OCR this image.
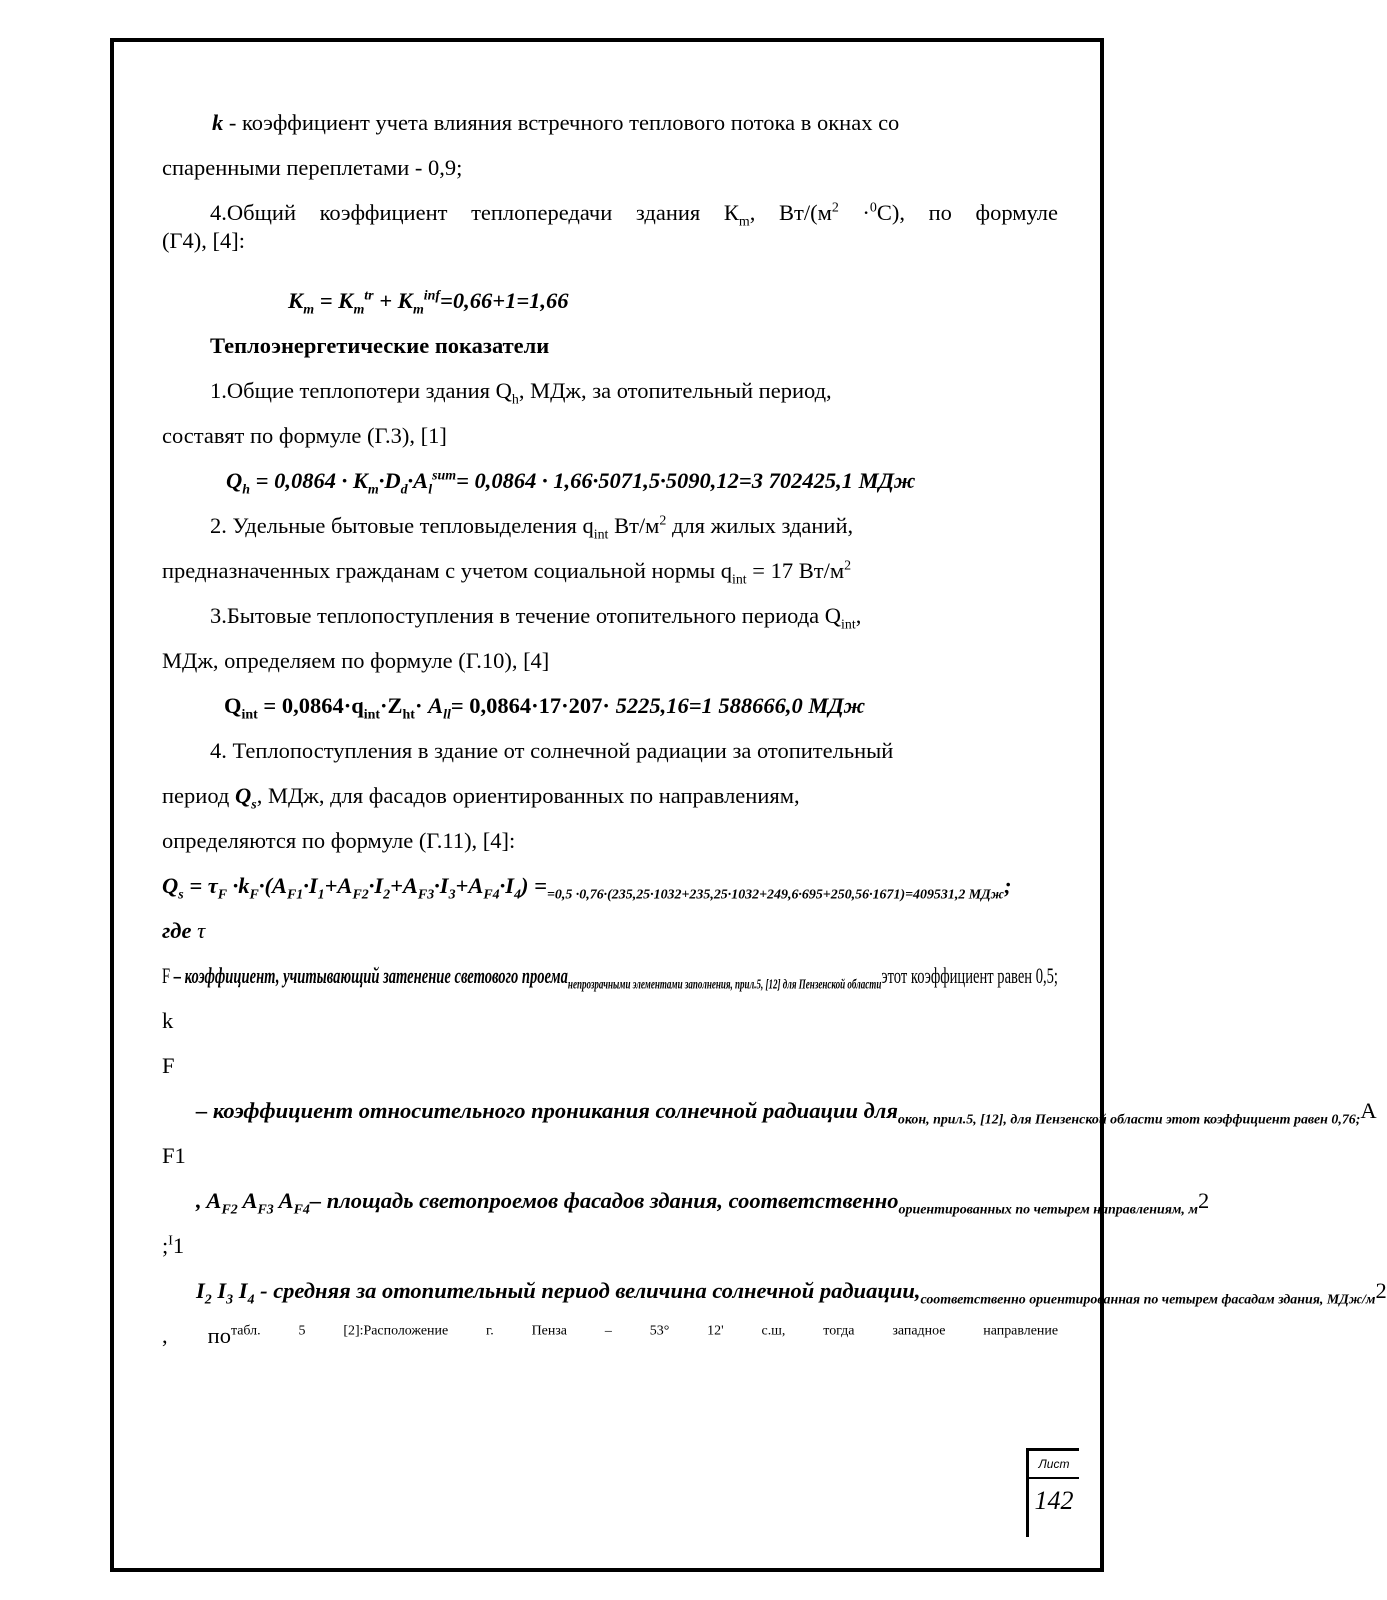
k - коэффициент учета влияния встречного теплового потока в окнах со
спаренными переплетами - 0,9;
4.Общий коэффициент теплопередачи здания $К_m$, $Вт/(м^2 \cdot^0С)$, по формуле
(Г4), [4]:
$К_m = К_m^{tr} + К_m^{inf}=0,66+1=1,66$
Теплоэнергетические показатели
1.Общие теплопотери здания $Q_h$, МДж, за отопительный период,
составят по формуле (Г.3), [1]
$Q_h = 0,0864 \cdot K_m\cdot D_d\cdot A_l^{sum}= 0,0864 \cdot 1,66\cdot 5071,5\cdot 5090,12=3$ 702425,1 МДж
2. Удельные бытовые тепловыделения $q_{int}$ $Вт/м^2$ для жилых зданий,
предназначенных гражданам с учетом социальной нормы $q_{int} = 17$ $Вт/м^2$
3.Бытовые теплопоступления в течение отопительного периода $Q_{int}$,
МДж, определяем по формуле (Г.10), [4]
$Q_{int} = 0,0864\cdot q_{int}\cdot Z_{ht}\cdot A_{ll}= 0,0864\cdot 17\cdot 207\cdot 5225,16=1$ 588666,0 МДж
4. Теплопоступления в здание от солнечной радиации за отопительный
период $Q_s$, МДж, для фасадов ориентированных по направлениям,
определяются по формуле (Г.11), [4]:
$Q_s = \tau_F \cdot k_F\cdot(A_{F1}\cdot I_1+A_{F2}\cdot I_2+A_{F3}\cdot I_3+A_{F4}\cdot I_4) =_{=0,5 \cdot 0,76\cdot(235,25\cdot 1032+235,25\cdot 1032+249,6\cdot 695+250,56\cdot 1671)=409531,2 МДж}$;
где τ
F – коэффициент, учитывающий затенение светового проема$_{непрозрачными элементами заполнения, прил.5, [12] для Пензенской области}$этот коэффициент равен 0,5;
k
F
– коэффициент относительного проникания солнечной радиации для$_{окон, прил.5, [12], для Пензенской области этот коэффициент равен 0,76;}$A
F1
, $A_{F2}$ $A_{F3}$ $A_{F4}-$ площадь светопроемов фасадов здания, соответственно$_{ориентированных по четырем направлениям, м}$2
;$^I$1
$I_2$ $I_3$ $I_4$ - средняя за отопительный период величина солнечной $радиации,_{соответственно ориентированная по четырем фасадам здания, МДж/м}2$
, $по^{табл. 5 [2]:Расположение г. Пенза - 53^\circ 12' с.ш, тогда западное направление}$
Лист
142
